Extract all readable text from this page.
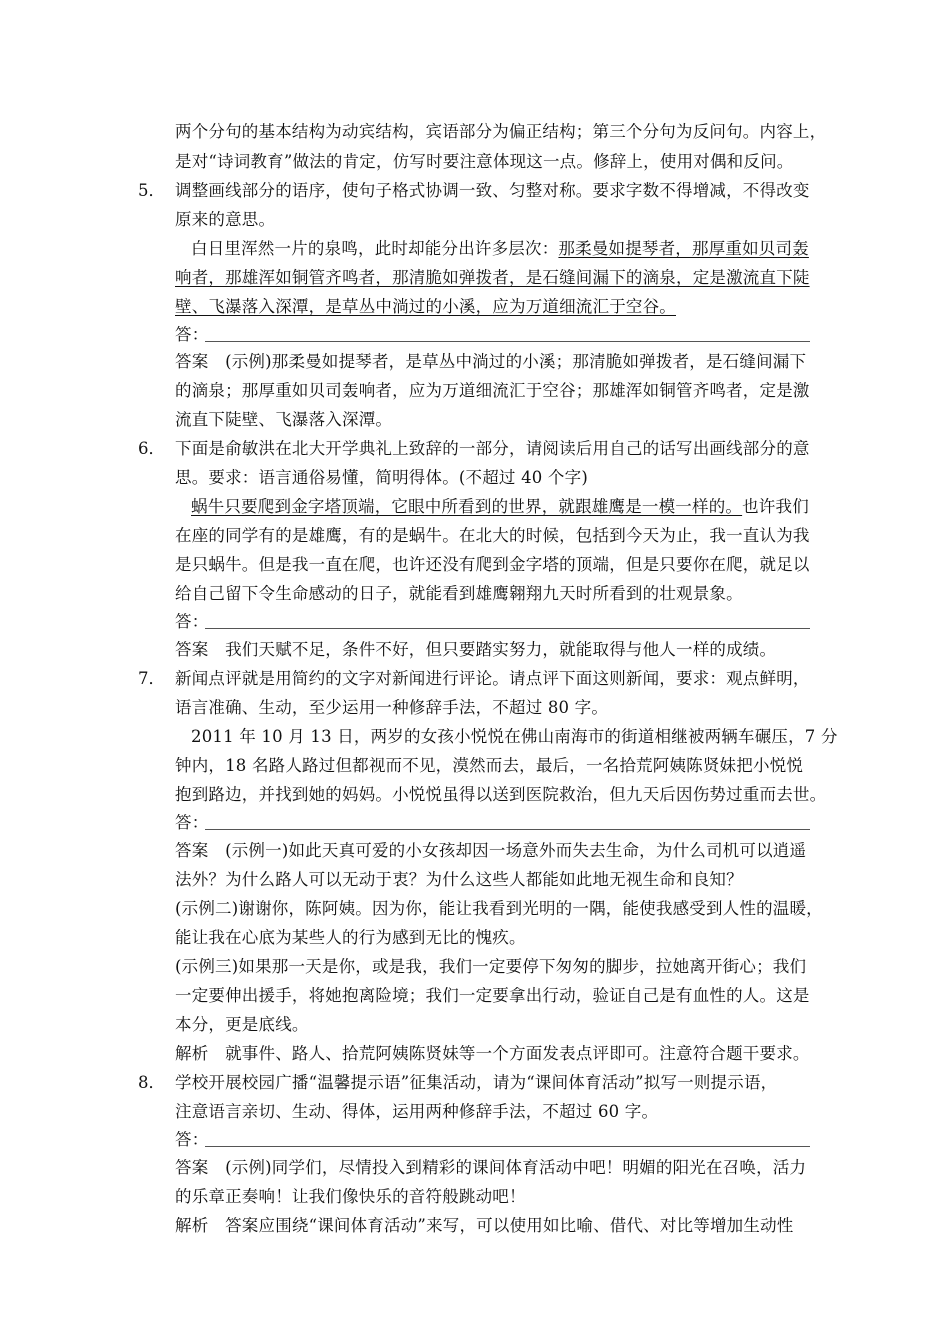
两个分句的基本结构为动宾结构，宾语部分为偏正结构；第三个分句为反问句。内容上，
是对“诗词教育”做法的肯定，仿写时要注意体现这一点。修辞上，使用对偶和反问。
5． 调整画线部分的语序，使句子格式协调一致、匀整对称。要求字数不得增减，不得改变
原来的意思。
白日里浑然一片的泉鸣，此时却能分出许多层次：那柔曼如提琴者，那厚重如贝司轰
响者，那雄浑如铜管齐鸣者，那清脆如弹拨者，是石缝间漏下的滴泉，定是激流直下陡
壁、飞瀑落入深潭，是草丛中淌过的小溪，应为万道细流汇于空谷。
答：
答案　(示例)那柔曼如提琴者，是草丛中淌过的小溪；那清脆如弹拨者，是石缝间漏下
的滴泉；那厚重如贝司轰响者，应为万道细流汇于空谷；那雄浑如铜管齐鸣者，定是激
流直下陡壁、飞瀑落入深潭。
6． 下面是俞敏洪在北大开学典礼上致辞的一部分，请阅读后用自己的话写出画线部分的意
思。要求：语言通俗易懂，简明得体。(不超过 40 个字)
蜗牛只要爬到金字塔顶端，它眼中所看到的世界，就跟雄鹰是一模一样的。也许我们
在座的同学有的是雄鹰，有的是蜗牛。在北大的时候，包括到今天为止，我一直认为我
是只蜗牛。但是我一直在爬，也许还没有爬到金字塔的顶端，但是只要你在爬，就足以
给自己留下令生命感动的日子，就能看到雄鹰翱翔九天时所看到的壮观景象。
答：
答案　我们天赋不足，条件不好，但只要踏实努力，就能取得与他人一样的成绩。
7． 新闻点评就是用简约的文字对新闻进行评论。请点评下面这则新闻，要求：观点鲜明，
语言准确、生动，至少运用一种修辞手法，不超过 80 字。
2011 年 10 月 13 日，两岁的女孩小悦悦在佛山南海市的街道相继被两辆车碾压，7 分
钟内，18 名路人路过但都视而不见，漠然而去，最后，一名拾荒阿姨陈贤妹把小悦悦
抱到路边，并找到她的妈妈。小悦悦虽得以送到医院救治，但九天后因伤势过重而去世。
答：
答案　(示例一)如此天真可爱的小女孩却因一场意外而失去生命，为什么司机可以逍遥
法外？为什么路人可以无动于衷？为什么这些人都能如此地无视生命和良知？
(示例二)谢谢你，陈阿姨。因为你，能让我看到光明的一隅，能使我感受到人性的温暖，
能让我在心底为某些人的行为感到无比的愧疚。
(示例三)如果那一天是你，或是我，我们一定要停下匆匆的脚步，拉她离开街心；我们
一定要伸出援手，将她抱离险境；我们一定要拿出行动，验证自己是有血性的人。这是
本分，更是底线。
解析　就事件、路人、拾荒阿姨陈贤妹等一个方面发表点评即可。注意符合题干要求。
8． 学校开展校园广播“温馨提示语”征集活动，请为“课间体育活动”拟写一则提示语，
注意语言亲切、生动、得体，运用两种修辞手法，不超过 60 字。
答：
答案　(示例)同学们，尽情投入到精彩的课间体育活动中吧！明媚的阳光在召唤，活力
的乐章正奏响！让我们像快乐的音符般跳动吧！
解析　答案应围绕“课间体育活动”来写，可以使用如比喻、借代、对比等增加生动性
